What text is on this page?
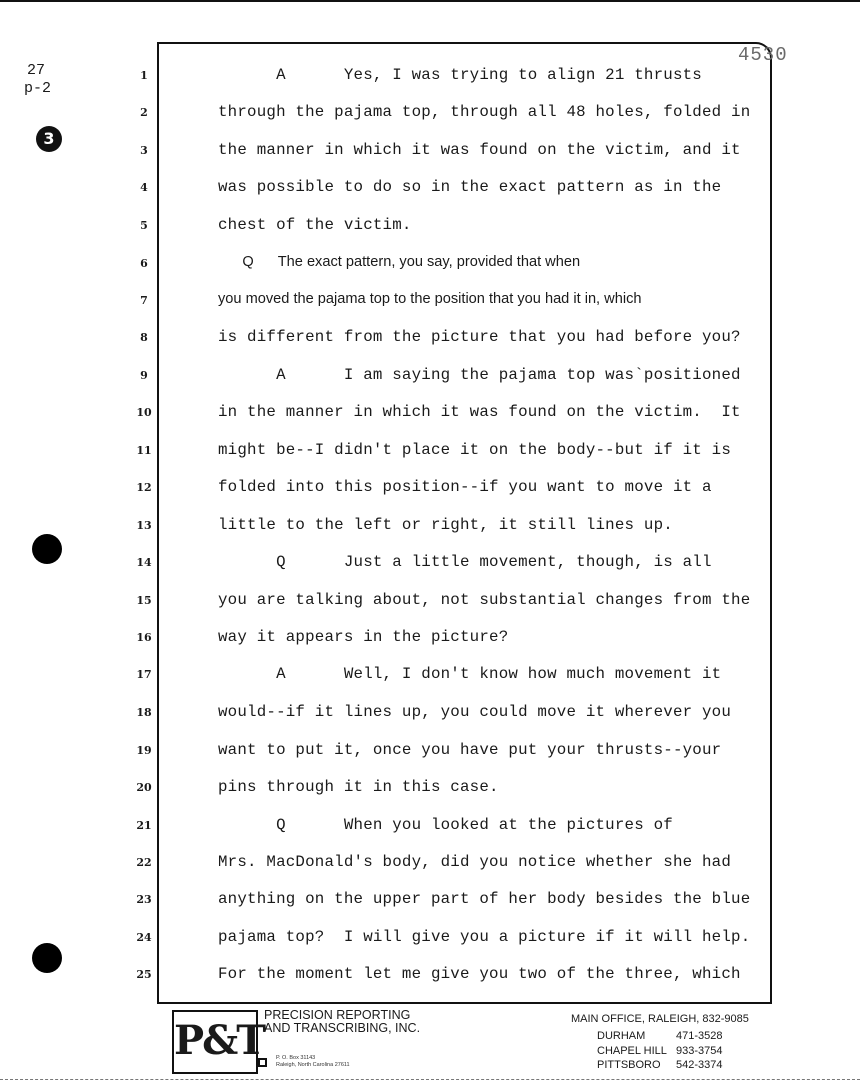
4530
27
p-2
3
1	A      Yes, I was trying to align 21 thrusts
2	through the pajama top, through all 48 holes, folded in
3	the manner in which it was found on the victim, and it
4	was possible to do so in the exact pattern as in the
5	chest of the victim.
6	Q      The exact pattern, you say, provided that when
7	you moved the pajama top to the position that you had it in, which
8	is different from the picture that you had before you?
9	A      I am saying the pajama top was`positioned
10	in the manner in which it was found on the victim.  It
11	might be--I didn't place it on the body--but if it is
12	folded into this position--if you want to move it a
13	little to the left or right, it still lines up.
14	Q      Just a little movement, though, is all
15	you are talking about, not substantial changes from the
16	way it appears in the picture?
17	A      Well, I don't know how much movement it
18	would--if it lines up, you could move it wherever you
19	want to put it, once you have put your thrusts--your
20	pins through it in this case.
21	Q      When you looked at the pictures of
22	Mrs. MacDonald's body, did you notice whether she had
23	anything on the upper part of her body besides the blue
24	pajama top?  I will give you a picture if it will help.
25	For the moment let me give you two of the three, which
P&T
PRECISION REPORTING
AND TRANSCRIBING, INC.
P. O. Box 31143
Raleigh, North Carolina 27611
MAIN OFFICE, RALEIGH, 832-9085
DURHAM	471-3528
CHAPEL HILL 933-3754
PITTSBORO 542-3374
